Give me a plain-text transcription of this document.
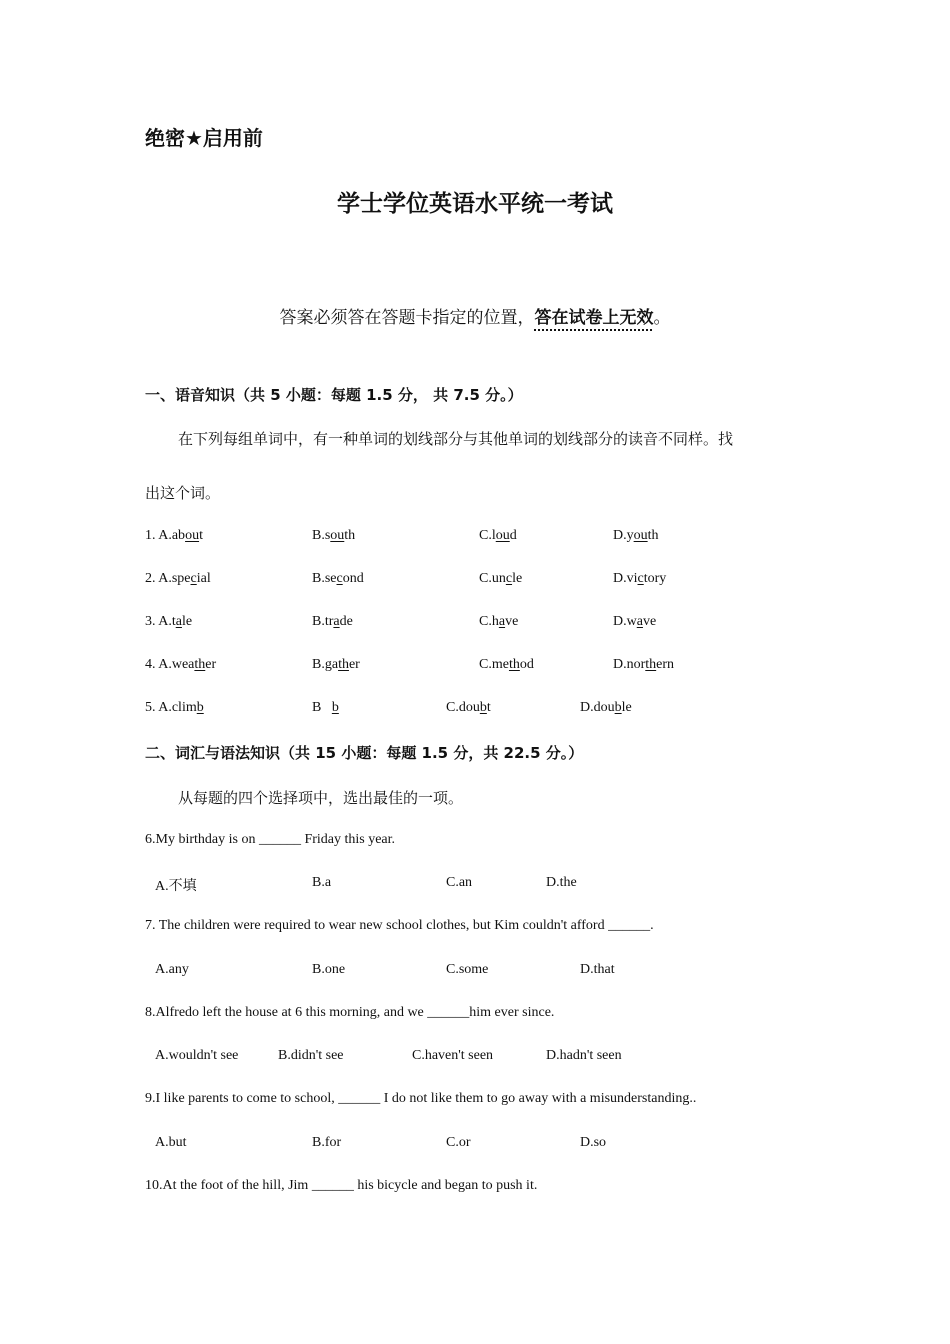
绝密★启用前
学士学位英语水平统一考试
答案必须答在答题卡指定的位置，答在试卷上无效。
一、语音知识（共 5 小题：每题 1.5 分， 共 7.5 分。）
在下列每组单词中，有一种单词的划线部分与其他单词的划线部分的读音不同样。找
出这个词。
1. A.about	B.south	C.loud	D.youth
2. A.special	B.second	C.uncle	D.victory
3. A.tale	B.trade	C.have	D.wave
4. A.weather	B.gather	C.method	D.northern
5. A.climb	B   b	C.doubt	D.double
二、词汇与语法知识（共 15 小题：每题 1.5 分，共 22.5 分。）
从每题的四个选择项中，选出最佳的一项。
6.My birthday is on ______ Friday this year.
A.不填	B.a	C.an	D.the
7. The children were required to wear new school clothes, but Kim couldn't afford ______.
A.any	B.one	C.some	D.that
8.Alfredo left the house at 6 this morning, and we ______him ever since.
A.wouldn't see	B.didn't see	C.haven't seen	D.hadn't seen
9.I like parents to come to school, ______ I do not like them to go away with a misunderstanding..
A.but	B.for	C.or	D.so
10.At the foot of the hill, Jim ______ his bicycle and began to push it.
